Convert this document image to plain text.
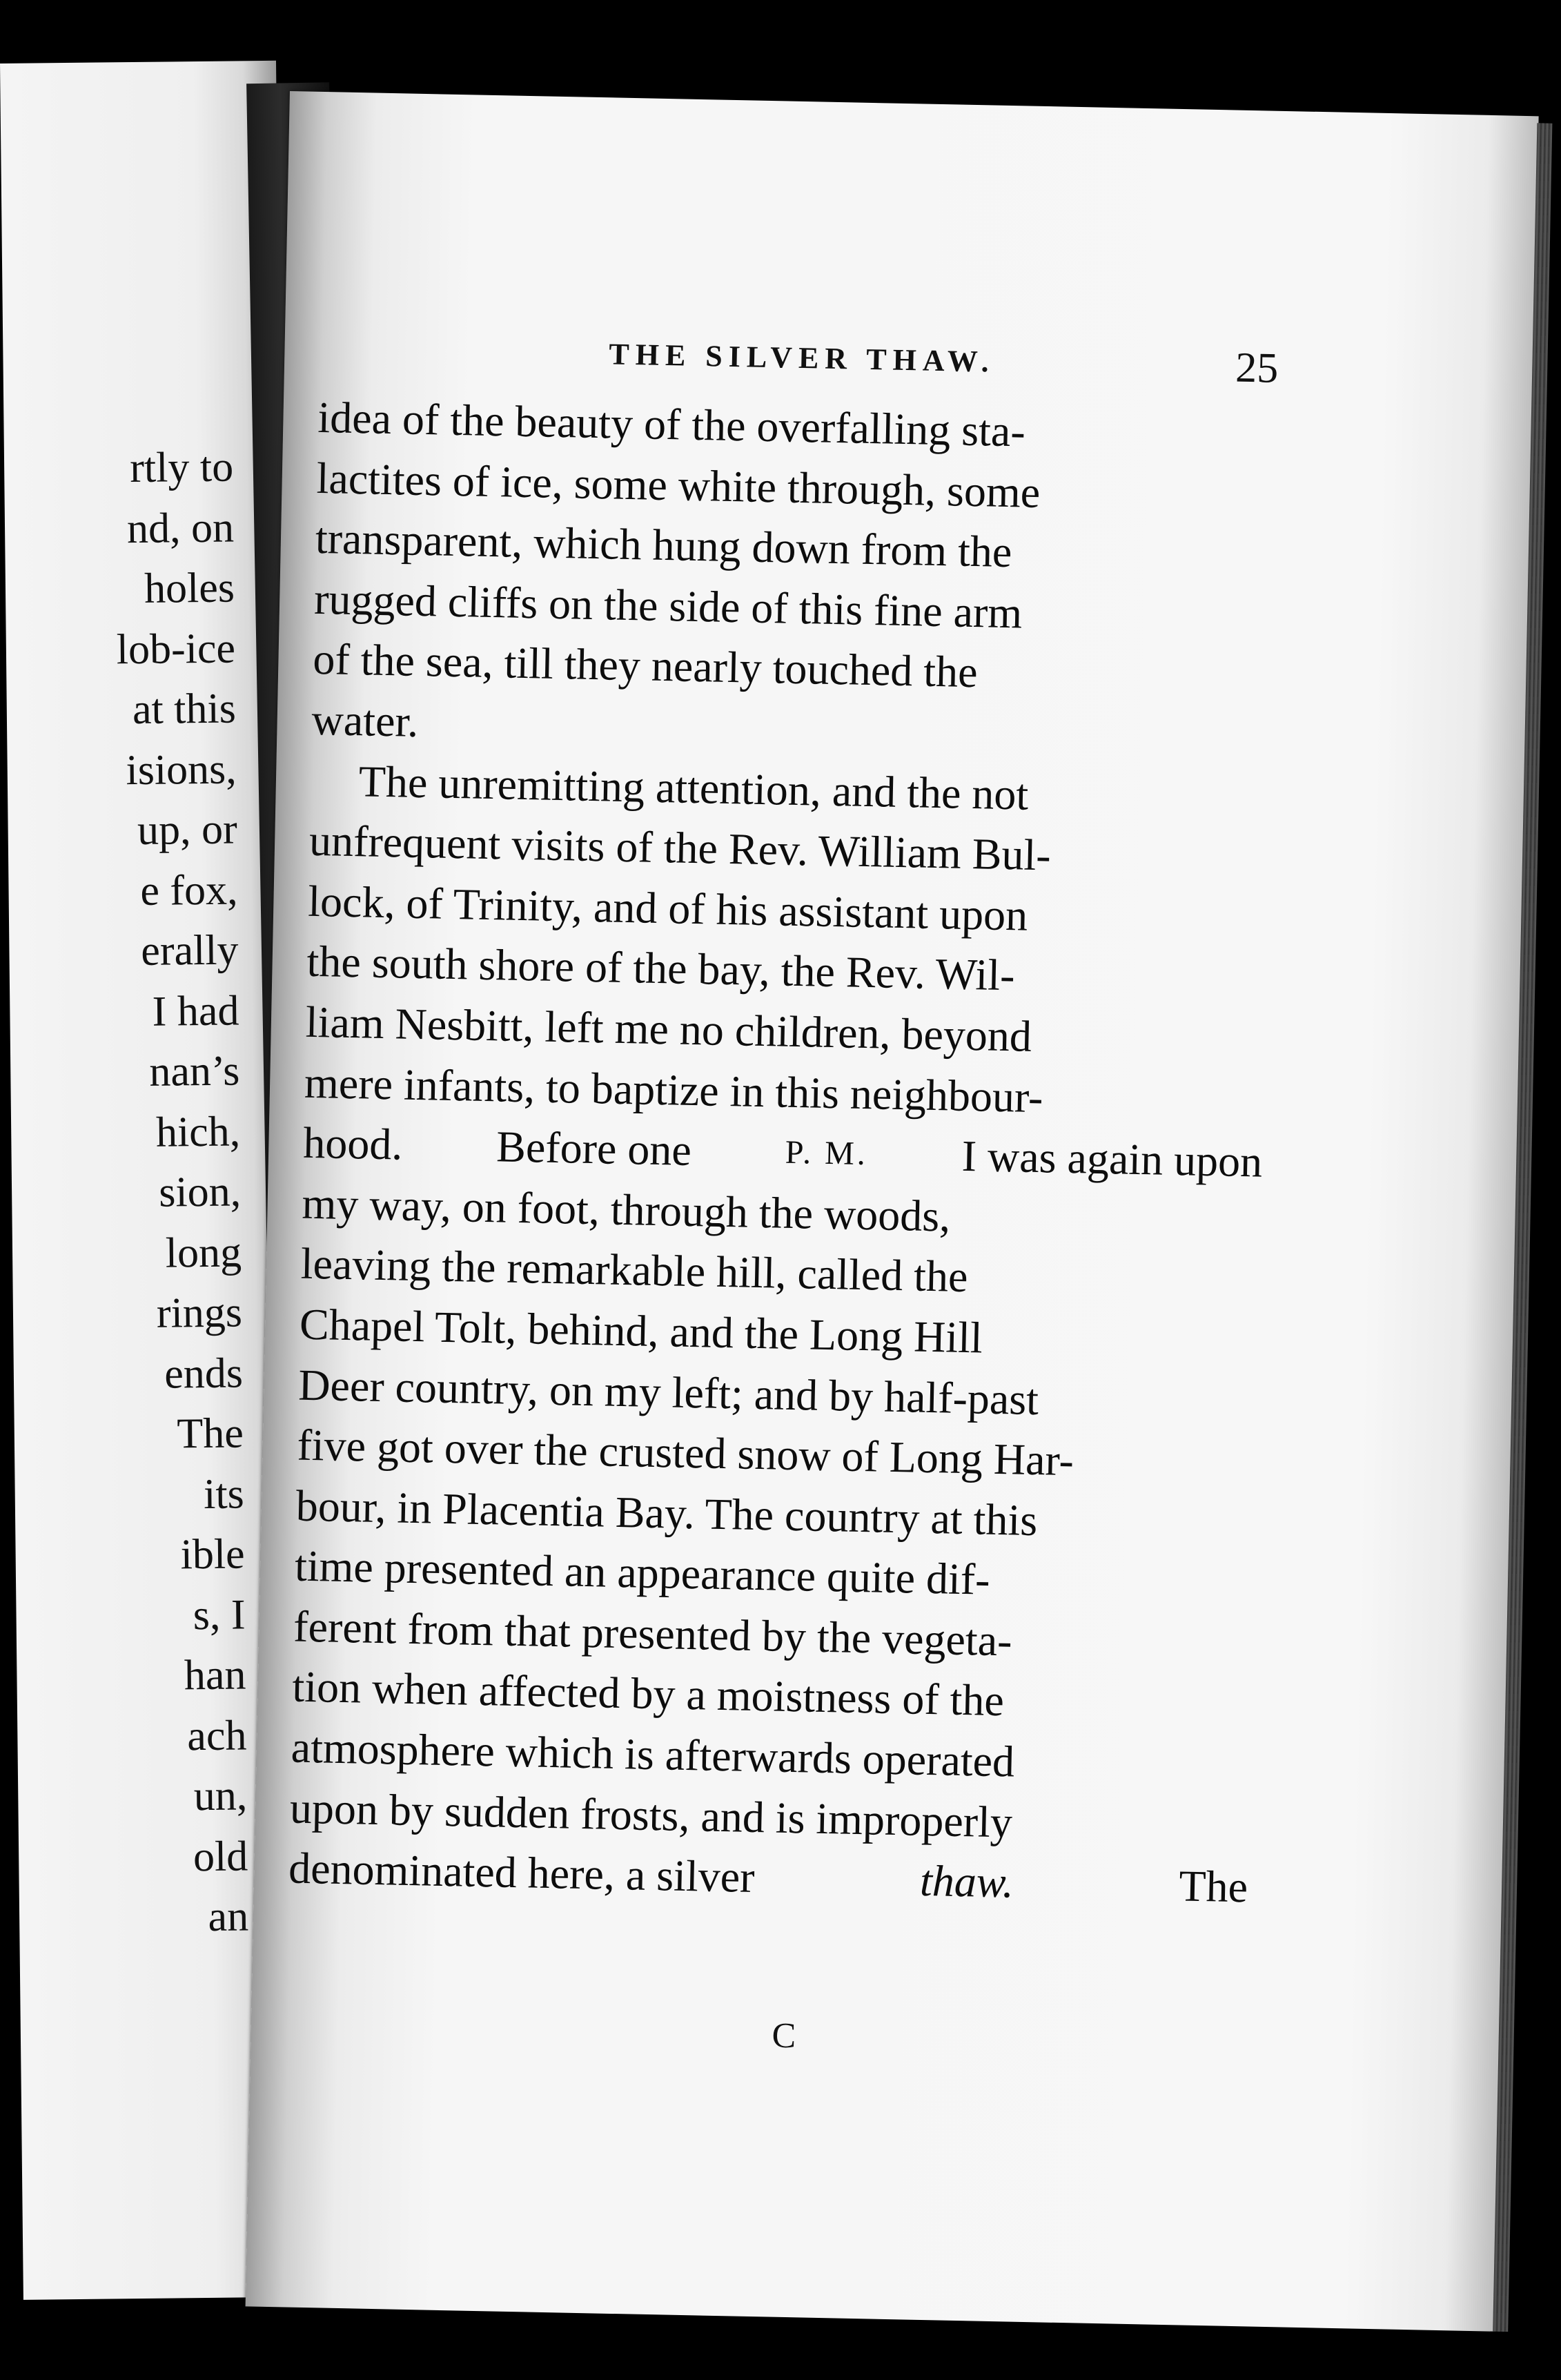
rtly to
nd, on
holes
lob-ice
at this
isions,
up, or
e fox,
erally
I had
nan’s
hich,
sion,
long
rings
ends
The
its
ible
s, I
han
ach
un,
old
an
THE SILVER THAW.	25
idea of the beauty of the overfalling sta-
lactites of ice, some white through, some
transparent, which hung down from the
rugged cliffs on the side of this fine arm
of the sea, till they nearly touched the
water.
The unremitting attention, and the not
unfrequent visits of the Rev. William Bul-
lock, of Trinity, and of his assistant upon
the south shore of the bay, the Rev. Wil-
liam Nesbitt, left me no children, beyond
mere infants, to baptize in this neighbour-
hood. Before one	P. M. I was again upon
my way, on foot, through the woods,
leaving the remarkable hill, called the
Chapel Tolt, behind, and the Long Hill
Deer country, on my left; and by half-past
five got over the crusted snow of Long Har-
bour, in Placentia Bay. The country at this
time presented an appearance quite dif-
ferent from that presented by the vegeta-
tion when affected by a moistness of the
atmosphere which is afterwards operated
upon by sudden frosts, and is improperly
denominated here, a silver	thaw.	The
C
